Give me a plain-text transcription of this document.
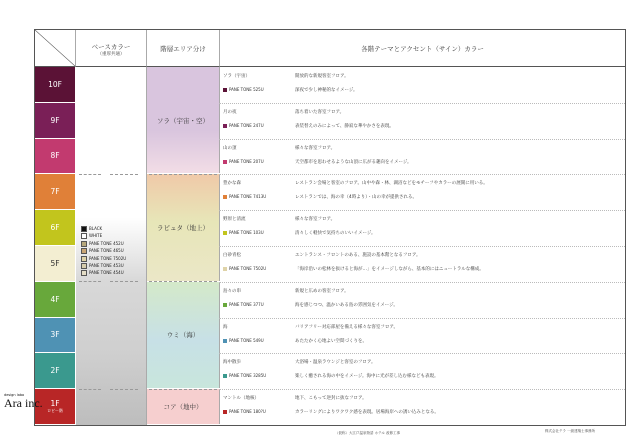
ベースカラー
（重厚共通）
階層エリア分け	各階テーマとアクセント（サイン）カラー
10F
9F
8F
7F
6F
5F
4F
3F
2F
1F
ロビー階
BLACK
WHITE
PANE TONE 452U
PANE TONE 465U
PANE TONE 7502U
PANE TONE 453U
PANE TONE 454U
ソラ（宇宙・空）
ラピュタ（地上）
ウミ（海）
コア（地中）
ソラ（宇宙）
PANE TONE 525U
開放的な新規客室フロア。
深夜で少し神秘的なイメージ。
月の夜
PANE TONE 247U
落ち着いた客室フロア。
表装替えのみによって、静寂な華やかさを表現。
山の頂
PANE TONE 207U
様々な客室フロア。
天空都市を思わせるような山頂に広がる趣向をイメージ。
豊かな森
PANE TONE 7413U
レストラン会場と客室のフロア。山中や森・林、湖沼などをモチーフやカラーの展開に用いる。
レストランでは、海の幸（4時より）・山の幸が提供される。
野原と清流
PANE TONE 103U
様々な客室フロア。
清々しく軽快で気持ちのいいイメージ。
白砂青松
PANE TONE 7502U
エントランス・フロントのある、施設の基本階となるフロア。
「海岸沿いの松林を抜けると海が…」をイメージしながら、基本的にはニュートラルな構成。
島々の串
PANE TONE 377U
新規と広めの客室フロア。
海を感じつつ、温かいある島の雰囲気をイメージ。
海
PANE TONE 549U
バリアフリー対応部屋を備える様々な客室フロア。
あたたかく心地よい空間づくりを。
海中散歩
PANE TONE 3285U
大浴場・温泉ラウンジと客室のフロア。
楽しく癒される海の中をイメージ。海中に光が差し込む様なども表現。
マントル（地核）
PANE TONE 180?U
地下、こもって逆封に抜なフロア。
カラーリングによりワクワク感を表現。居場海岸への誘い込みとなる。
（仮称）大江戸温泉物語 ホテル 改修工事	株式会社テラ 一級建築士事務所
design labo
Ara inc.
